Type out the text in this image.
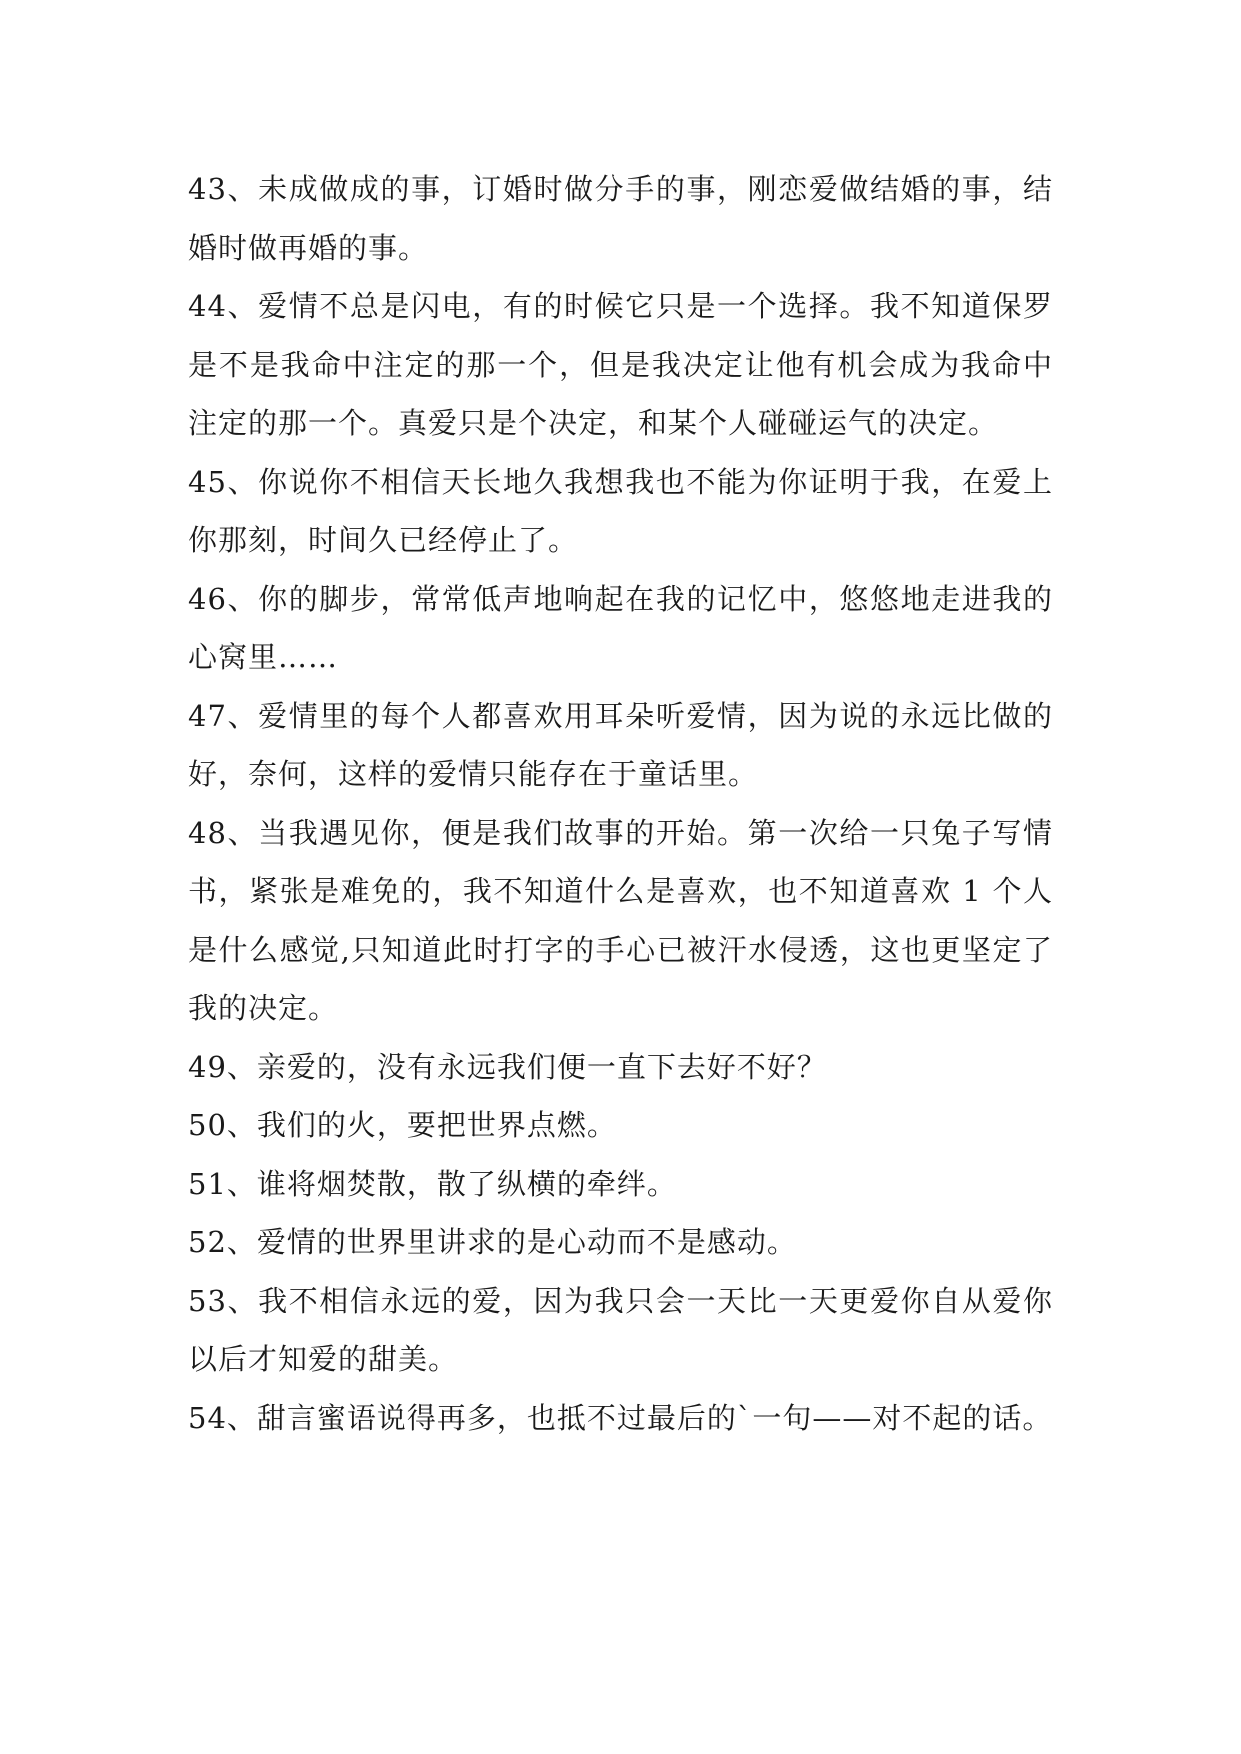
43、未成做成的事，订婚时做分手的事，刚恋爱做结婚的事，结婚时做再婚的事。

44、爱情不总是闪电，有的时候它只是一个选择。我不知道保罗是不是我命中注定的那一个，但是我决定让他有机会成为我命中注定的那一个。真爱只是个决定，和某个人碰碰运气的决定。

45、你说你不相信天长地久我想我也不能为你证明于我，在爱上你那刻，时间久已经停止了。

46、你的脚步，常常低声地响起在我的记忆中，悠悠地走进我的心窝里……

47、爱情里的每个人都喜欢用耳朵听爱情，因为说的永远比做的好，奈何，这样的爱情只能存在于童话里。

48、当我遇见你，便是我们故事的开始。第一次给一只兔子写情书，紧张是难免的，我不知道什么是喜欢，也不知道喜欢 1 个人是什么感觉,只知道此时打字的手心已被汗水侵透，这也更坚定了我的决定。

49、亲爱的，没有永远我们便一直下去好不好？

50、我们的火，要把世界点燃。

51、谁将烟焚散，散了纵横的牵绊。

52、爱情的世界里讲求的是心动而不是感动。

53、我不相信永远的爱，因为我只会一天比一天更爱你自从爱你以后才知爱的甜美。

54、甜言蜜语说得再多，也抵不过最后的`一句——对不起的话。
